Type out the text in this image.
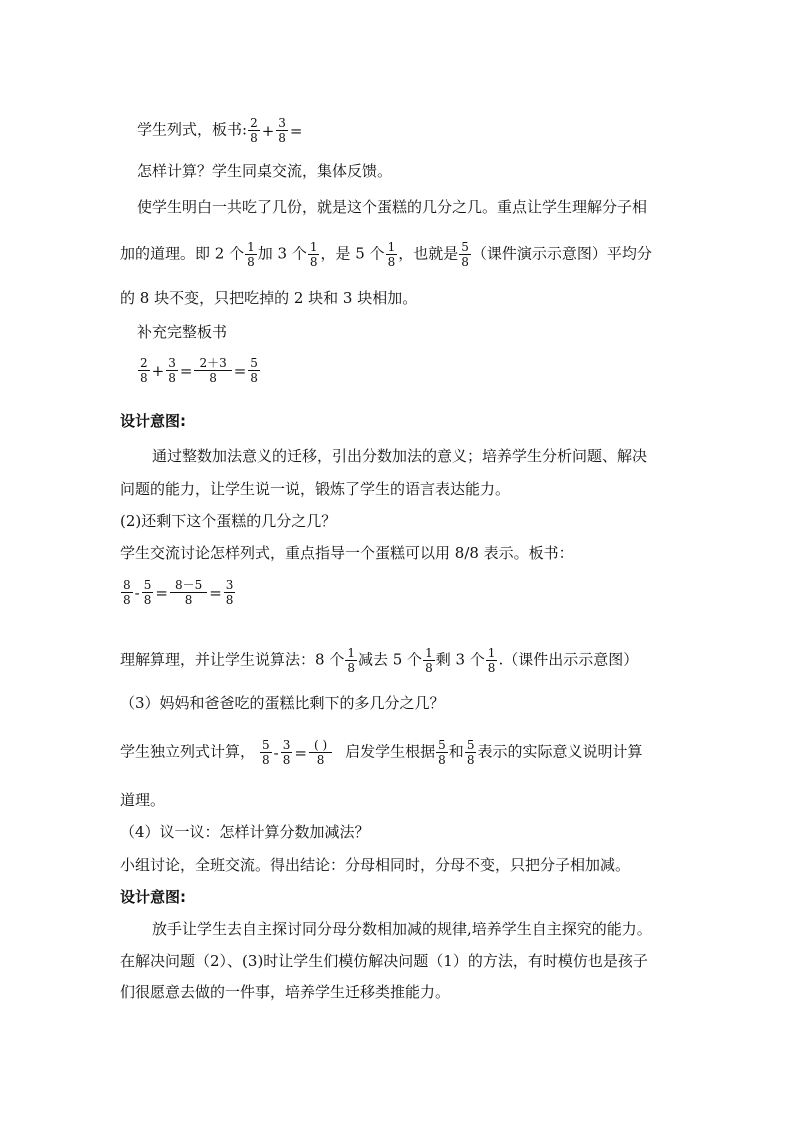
学生列式，板书: $\frac{2}{8} + \frac{3}{8}$ =
怎样计算？学生同桌交流，集体反馈。
使学生明白一共吃了几份，就是这个蛋糕的几分之几。重点让学生理解分子相
加的道理。即 2 个 $\frac{1}{8}$ 加 3 个 $\frac{1}{8}$ ，是 5 个 $\frac{1}{8}$ ，也就是 $\frac{5}{8}$ （课件演示示意图）平均分
的 8 块不变，只把吃掉的 2 块和 3 块相加。
补充完整板书
$\frac{2}{8} + \frac{3}{8} = \frac{2+3}{8} = \frac{5}{8}$
设计意图:
通过整数加法意义的迁移，引出分数加法的意义；培养学生分析问题、解决
问题的能力，让学生说一说，锻炼了学生的语言表达能力。
(2)还剩下这个蛋糕的几分之几？
学生交流讨论怎样列式，重点指导一个蛋糕可以用 8/8 表示。板书：
$\frac{8}{8} - \frac{5}{8} = \frac{8-5}{8} = \frac{3}{8}$
理解算理，并让学生说算法：8 个 $\frac{1}{8}$ 减去 5 个 $\frac{1}{8}$ 剩 3 个 $\frac{1}{8}$ .（课件出示示意图）
（3）妈妈和爸爸吃的蛋糕比剩下的多几分之几？
学生独立列式计算， $\frac{5}{8} - \frac{3}{8} = \frac{( )}{8}$ 启发学生根据 $\frac{5}{8}$ 和 $\frac{5}{8}$ 表示的实际意义说明计算
道理。
（4）议一议：怎样计算分数加减法？
小组讨论，全班交流。得出结论：分母相同时，分母不变，只把分子相加减。
设计意图:
放手让学生去自主探讨同分母分数相加减的规律,培养学生自主探究的能力。
在解决问题（2）、(3)时让学生们模仿解决问题（1）的方法，有时模仿也是孩子
们很愿意去做的一件事，培养学生迁移类推能力。
